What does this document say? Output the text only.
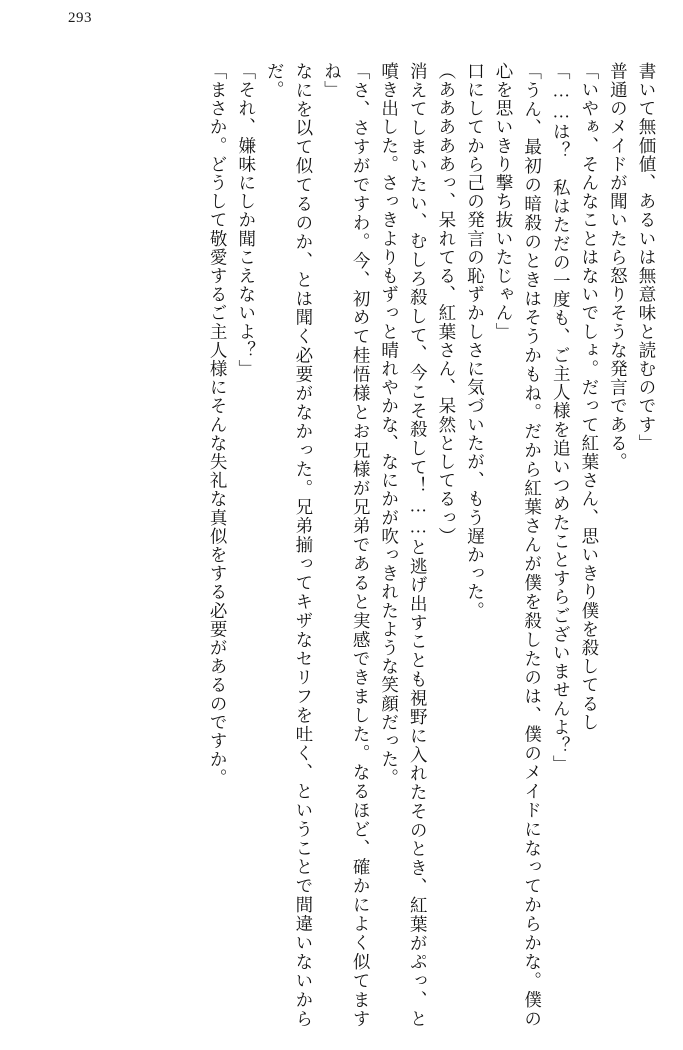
293

書いて無価値、あるいは無意味と読むのです」

普通のメイドが聞いたら怒りそうな発言である。

「いやぁ、そんなことはないでしょ。だって紅葉さん、思いきり僕を殺してるし

「……は？　私はただの一度も、ご主人様を追いつめたことすらございませんよ？」

「うん、最初の暗殺のときはそうかもね。だから紅葉さんが僕を殺したのは、僕のメイドになってからかな。僕の心を思いきり撃ち抜いたじゃん」

口にしてから己の発言の恥ずかしさに気づいたが、もう遅かった。

（あああああっ、呆れてる、紅葉さん、呆然としてるっ）

消えてしまいたい、むしろ殺して、今こそ殺して！……と逃げ出すことも視野に入れたそのとき、紅葉がぷっ、と噴き出した。さっきよりもずっと晴れやかな、なにかが吹っきれたような笑顔だった。

「さ、さすがですわ。今、初めて桂悟様とお兄様が兄弟であると実感できました。なるほど、確かによく似てますね」

なにを以て似てるのか、とは聞く必要がなかった。兄弟揃ってキザなセリフを吐く、ということで間違いないからだ。

「それ、嫌味にしか聞こえないよ？」

「まさか。どうして敬愛するご主人様にそんな失礼な真似をする必要があるのですか。
